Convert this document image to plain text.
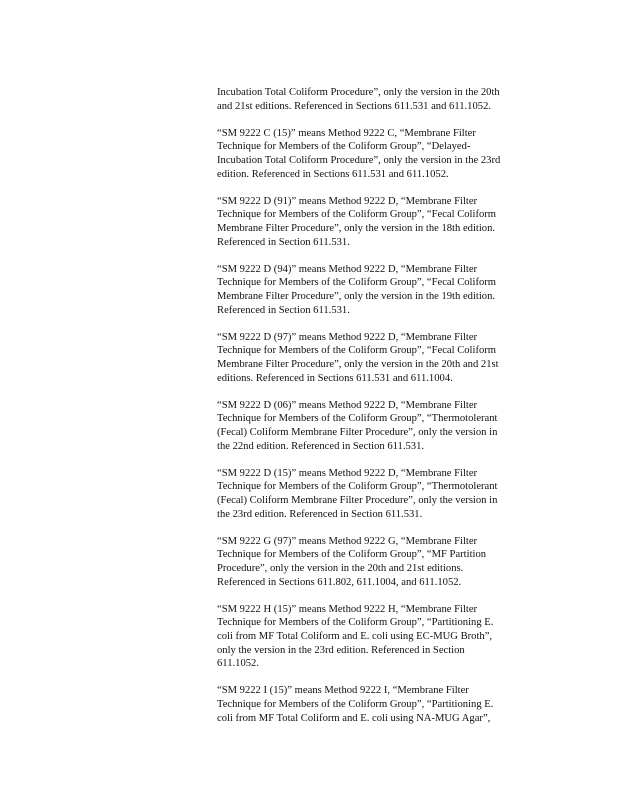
Incubation Total Coliform Procedure”, only the version in the 20th
and 21st editions. Referenced in Sections 611.531 and 611.1052.

“SM 9222 C (15)” means Method 9222 C, “Membrane Filter
Technique for Members of the Coliform Group”, “Delayed-
Incubation Total Coliform Procedure”, only the version in the 23rd
edition. Referenced in Sections 611.531 and 611.1052.

“SM 9222 D (91)” means Method 9222 D, “Membrane Filter
Technique for Members of the Coliform Group”, “Fecal Coliform
Membrane Filter Procedure”, only the version in the 18th edition.
Referenced in Section 611.531.

“SM 9222 D (94)” means Method 9222 D, “Membrane Filter
Technique for Members of the Coliform Group”, “Fecal Coliform
Membrane Filter Procedure”, only the version in the 19th edition.
Referenced in Section 611.531.

“SM 9222 D (97)” means Method 9222 D, “Membrane Filter
Technique for Members of the Coliform Group”, “Fecal Coliform
Membrane Filter Procedure”, only the version in the 20th and 21st
editions. Referenced in Sections 611.531 and 611.1004.

“SM 9222 D (06)” means Method 9222 D, “Membrane Filter
Technique for Members of the Coliform Group”, “Thermotolerant
(Fecal) Coliform Membrane Filter Procedure”, only the version in
the 22nd edition. Referenced in Section 611.531.

“SM 9222 D (15)” means Method 9222 D, “Membrane Filter
Technique for Members of the Coliform Group”, “Thermotolerant
(Fecal) Coliform Membrane Filter Procedure”, only the version in
the 23rd edition. Referenced in Section 611.531.

“SM 9222 G (97)” means Method 9222 G, “Membrane Filter
Technique for Members of the Coliform Group”, “MF Partition
Procedure”, only the version in the 20th and 21st editions.
Referenced in Sections 611.802, 611.1004, and 611.1052.

“SM 9222 H (15)” means Method 9222 H, “Membrane Filter
Technique for Members of the Coliform Group”, “Partitioning E.
coli from MF Total Coliform and E. coli using EC-MUG Broth”,
only the version in the 23rd edition. Referenced in Section
611.1052.

“SM 9222 I (15)” means Method 9222 I, “Membrane Filter
Technique for Members of the Coliform Group”, “Partitioning E.
coli from MF Total Coliform and E. coli using NA-MUG Agar”,
